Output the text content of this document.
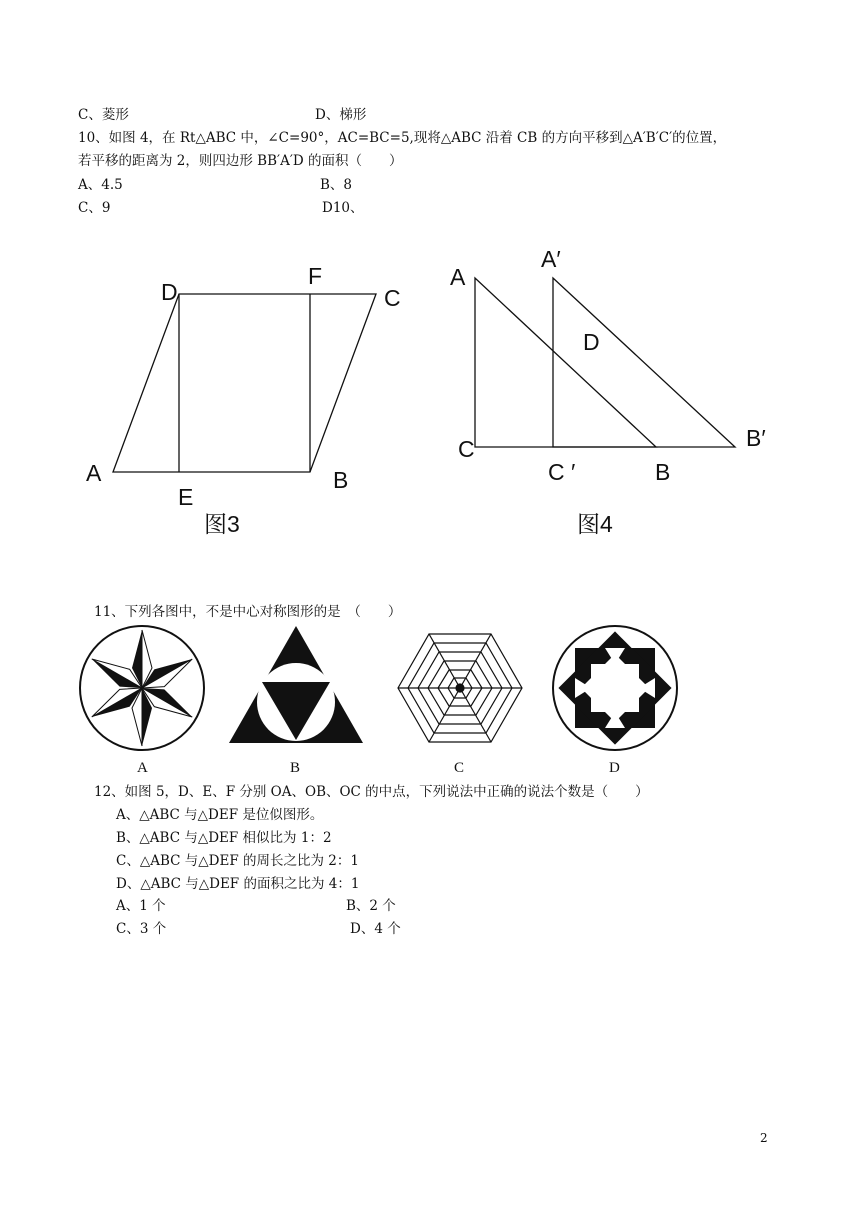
C、菱形	D、梯形
10、如图 4，在 Rt△ABC 中，∠C=90°，AC=BC=5,现将△ABC 沿着 CB 的方向平移到△A′B′C′的位置，
若平移的距离为 2，则四边形 BB′A′D 的面积（　　）
A、4.5	B、8
C、9	D10、
A	B
C
D
E
F
图3
A
A′
D
C
C ′	B
B′
图4
11、下列各图中，不是中心对称图形的是　（　　）
A	B	C	D
12、如图 5，D、E、F 分别 OA、OB、OC 的中点，下列说法中正确的说法个数是（　　）
A、△ABC 与△DEF 是位似图形。
B、△ABC 与△DEF 相似比为 1：2
C、△ABC 与△DEF 的周长之比为 2：1
D、△ABC 与△DEF 的面积之比为 4：1
A、1 个	B、2 个
C、3 个	D、4 个
2
